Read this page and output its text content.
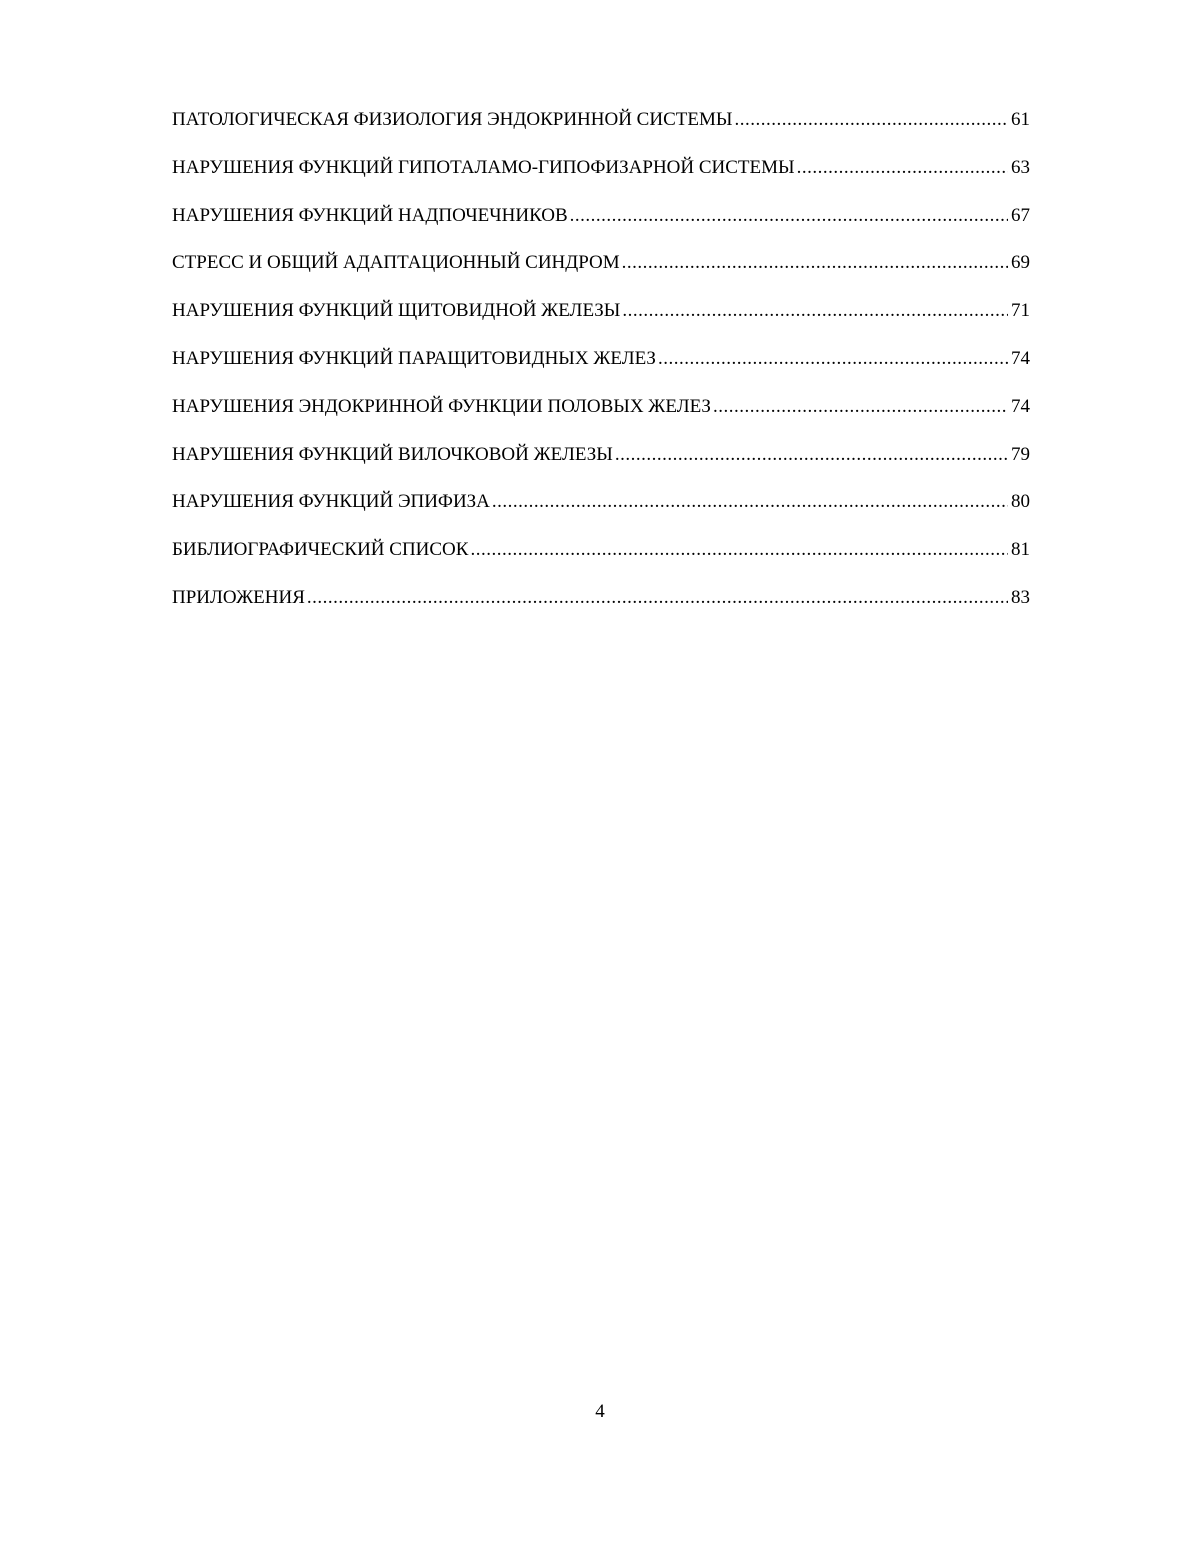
ПАТОЛОГИЧЕСКАЯ ФИЗИОЛОГИЯ ЭНДОКРИННОЙ СИСТЕМЫ .....	61
НАРУШЕНИЯ ФУНКЦИЙ ГИПОТАЛАМО-ГИПОФИЗАРНОЙ СИСТЕМЫ .....	63
НАРУШЕНИЯ ФУНКЦИЙ НАДПОЧЕЧНИКОВ .....	67
СТРЕСС И ОБЩИЙ АДАПТАЦИОННЫЙ СИНДРОМ .....	69
НАРУШЕНИЯ ФУНКЦИЙ ЩИТОВИДНОЙ ЖЕЛЕЗЫ .....	71
НАРУШЕНИЯ ФУНКЦИЙ ПАРАЩИТОВИДНЫХ ЖЕЛЕЗ .....	74
НАРУШЕНИЯ ЭНДОКРИННОЙ ФУНКЦИИ ПОЛОВЫХ ЖЕЛЕЗ .....	74
НАРУШЕНИЯ ФУНКЦИЙ ВИЛОЧКОВОЙ ЖЕЛЕЗЫ .....	79
НАРУШЕНИЯ ФУНКЦИЙ ЭПИФИЗА .....	80
БИБЛИОГРАФИЧЕСКИЙ СПИСОК .....	81
ПРИЛОЖЕНИЯ .....	83
4
